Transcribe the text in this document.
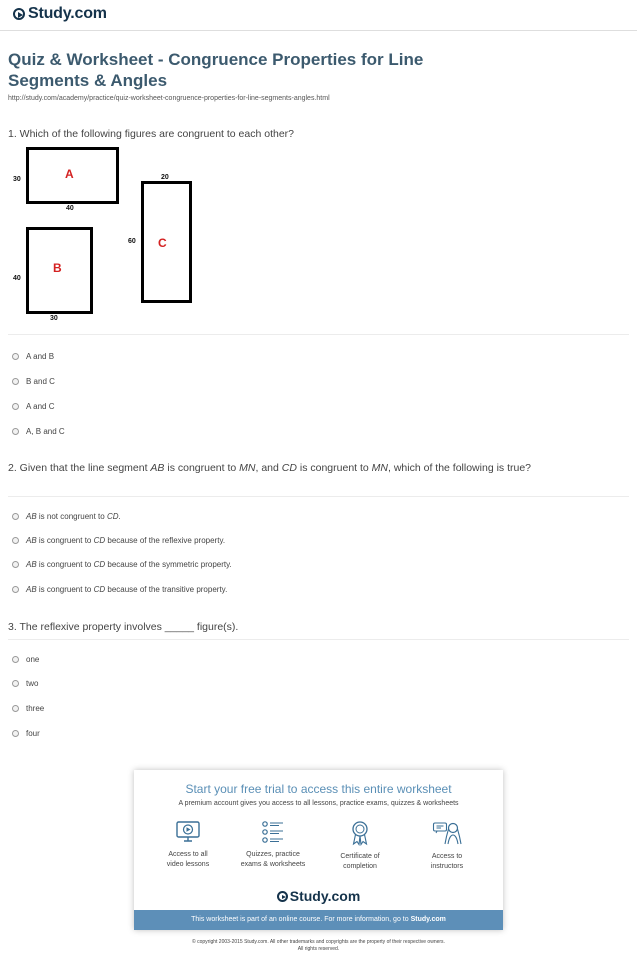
Study.com
Quiz & Worksheet - Congruence Properties for Line Segments & Angles
http://study.com/academy/practice/quiz-worksheet-congruence-properties-for-line-segments-angles.html
1. Which of the following figures are congruent to each other?
A
30
40
B
40
30
C
60
20
A and B
B and C
A and C
A, B and C
2. Given that the line segment AB is congruent to MN, and CD is congruent to MN, which of the following is true?
AB is not congruent to CD.
AB is congruent to CD because of the reflexive property.
AB is congruent to CD because of the symmetric property.
AB is congruent to CD because of the transitive property.
3. The reflexive property involves _____ figure(s).
one
two
three
four
Start your free trial to access this entire worksheet
A premium account gives you access to all lessons, practice exams, quizzes & worksheets
Access to all
video lessons
Quizzes, practice
exams & worksheets
Certificate of
completion
Access to
instructors
Study.com
This worksheet is part of an online course. For more information, go to Study.com
© copyright 2003-2015 Study.com. All other trademarks and copyrights are the property of their respective owners.
All rights reserved.
